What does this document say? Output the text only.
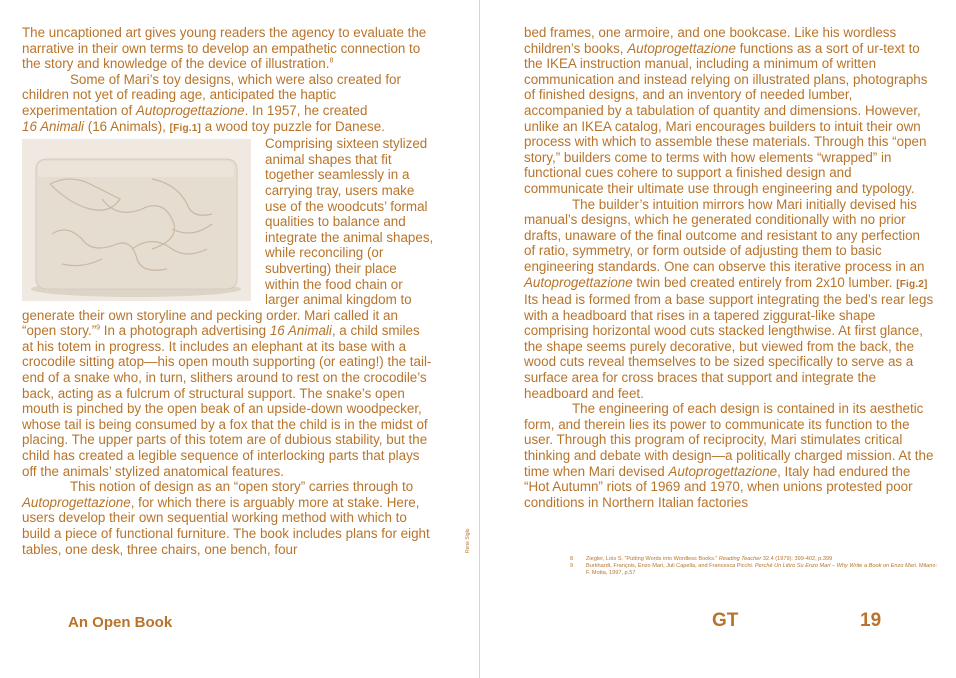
The uncaptioned art gives young readers the agency to evaluate the narrative in their own terms to develop an empathetic connection to the story and knowledge of the device of illustration.$^8$

Some of Mari’s toy designs, which were also created for children not yet of reading age, anticipated the haptic experimentation of Autoprogettazione. In 1957, he created
16 Animali (16 Animals), [Fig.1]
a wood toy puzzle for Danese. Comprising sixteen stylized animal shapes that fit together seamlessly in a carrying tray, users make use of the woodcuts’ formal qualities to balance and integrate the animal shapes, while reconciling (or subverting) their place within the food chain or larger animal kingdom to generate their own storyline and pecking order. Mari called it an “open story.”$^9$ In a photograph advertising 16 Animali, a child smiles at his totem in progress. It includes an elephant at its base with a crocodile sitting atop—his open mouth supporting (or eating!) the tail-end of a snake who, in turn, slithers around to rest on the crocodile’s back, acting as a fulcrum of structural support. The snake’s open mouth is pinched by the open beak of an upside-down woodpecker, whose tail is being consumed by a fox that the child is in the midst of placing. The upper parts of this totem are of dubious stability, but the child has created a legible sequence of interlocking parts that plays off the animals’ stylized anatomical features.

This notion of design as an “open story” carries through to Autoprogettazione, for which there is arguably more at stake. Here, users develop their own sequential working method with which to build a piece of functional furniture. The book includes plans for eight tables, one desk, three chairs, one bench, four

bed frames, one armoire, and one bookcase. Like his wordless children’s books, Autoprogettazione functions as a sort of ur-text to the IKEA instruction manual, including a minimum of written communication and instead relying on illustrated plans, photographs of finished designs, and an inventory of needed lumber, accompanied by a tabulation of quantity and dimensions. However, unlike an IKEA catalog, Mari encourages builders to intuit their own process with which to assemble these materials. Through this “open story,” builders come to terms with how elements “wrapped” in functional cues cohere to support a finished design and communicate their ultimate use through engineering and typology.

The builder’s intuition mirrors how Mari initially devised his manual’s designs, which he generated conditionally with no prior drafts, unaware of the final outcome and resistant to any perfection of ratio, symmetry, or form outside of adjusting them to basic engineering standards. One can observe this iterative process in an Autoprogettazione twin bed created entirely from 2x10 lumber. [Fig.2] Its head is formed from a base support integrating the bed’s rear legs with a headboard that rises in a tapered ziggurat-like shape comprising horizontal wood cuts stacked lengthwise. At first glance, the shape seems purely decorative, but viewed from the back, the wood cuts reveal themselves to be sized specifically to serve as a surface area for cross braces that support and integrate the headboard and feet.

The engineering of each design is contained in its aesthetic form, and therein lies its power to communicate its function to the user. Through this program of reciprocity, Mari stimulates critical thinking and debate with design—a politically charged mission. At the time when Mari devised Autoprogettazione, Italy had endured the “Hot Autumn” riots of 1969 and 1970, when unions protested poor conditions in Northern Italian factories

Rene Siglo
8 Ziegler, Lois S. “Putting Words into Wordless Books.” Reading Teacher 32.4 (1979): 399-402, p.399
9 Burkhardt, François, Enzo Mari, Juli Capella, and Francesca Picchi. Perché Un Libro Su Enzo Mari – Why Write a Book on Enzo Mari. Milano: F. Motta, 1997, p.57
An Open Book	GT	19
